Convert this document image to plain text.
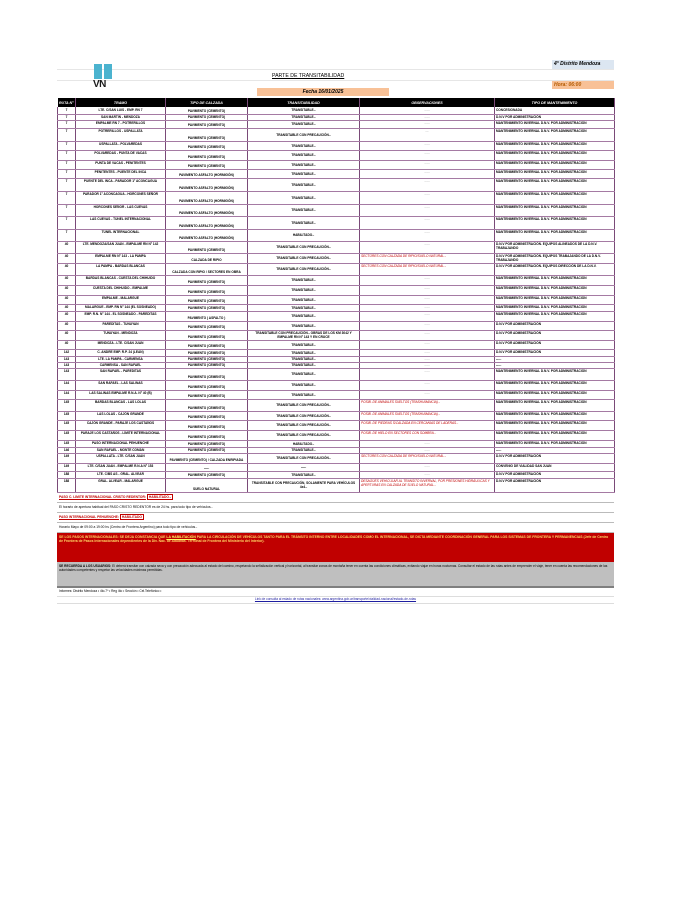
VN
4° Distrito Mendoza
PARTE DE TRANSITABILIDAD
Hora: 06:00
Fecha 16/01/2025
RUTA N°	TRAMO	TIPO DE CALZADA	TRANSITABILIDAD	OBSERVACIONES	TIPO DE MANTENIMIENTO
7	LTE. C/SAN LUIS - EMP. RN 7	PAVIMENTO (CEMENTO)	TRANSITABLE.-	-----	CONCESIONADA
7	SAN MARTIN - MENDOZA	PAVIMENTO (CEMENTO)	TRANSITABLE.-	-----	D.N.V POR ADMINISTRACIÓN
7	EMPALME RN 7 - POTRERILLOS	PAVIMENTO (CEMENTO)	TRANSITABLE.-	-----	MANTENIMIENTO INVERNAL D.N.V. POR ADMINISTRACIÓN
7	POTRERILLOS - USPALLATA	PAVIMENTO (CEMENTO)	TRANSITABLE CON PRECAUCIÓN.-	---	MANTENIMIENTO INVERNAL D.N.V. POR ADMINISTRACIÓN
7	USPALLATA - POLVAREDAS	PAVIMENTO (CEMENTO)	TRANSITABLE.-	-----	MANTENIMIENTO INVERNAL D.N.V. POR ADMINISTRACIÓN
7	POLVAREDAS - PUNTA DE VACAS	PAVIMENTO (CEMENTO)	TRANSITABLE.-	-----	MANTENIMIENTO INVERNAL D.N.V. POR ADMINISTRACIÓN
7	PUNTA DE VACAS - PENITENTES	PAVIMENTO (CEMENTO)	TRANSITABLE.-	-----	MANTENIMIENTO INVERNAL D.N.V. POR ADMINISTRACIÓN
7	PENITENTES - PUENTE DEL INCA	PAVIMENTO ASFALTO (HORMIGÓN)	TRANSITABLE.-	-----	MANTENIMIENTO INVERNAL D.N.V. POR ADMINISTRACIÓN
7	PUENTE DEL INCA - PARADOR 1° ACONCAGUA	PAVIMENTO ASFALTO (HORMIGÓN)	TRANSITABLE.-	-----	MANTENIMIENTO INVERNAL D.N.V. POR ADMINISTRACIÓN
7	PARADOR 1° ACONCAGUA - HORCONES SEÑOR	PAVIMENTO ASFALTO (HORMIGÓN)	TRANSITABLE.-	-----	MANTENIMIENTO INVERNAL D.N.V. POR ADMINISTRACIÓN
7	HORCONES SEÑOR - LAS CUEVAS	PAVIMENTO ASFALTO (HORMIGÓN)	TRANSITABLE.-	-----	MANTENIMIENTO INVERNAL D.N.V. POR ADMINISTRACIÓN
7	LAS CUEVAS - TÚNEL INTERNACIONAL	PAVIMENTO ASFALTO (HORMIGÓN)	TRANSITABLE.-	-----	MANTENIMIENTO INVERNAL D.N.V. POR ADMINISTRACIÓN
7	TÚNEL INTERNACIONAL	PAVIMENTO ASFALTO (HORMIGÓN)	HABILITADO.-	-----	MANTENIMIENTO INVERNAL D.N.V. POR ADMINISTRACIÓN
40	LTE. MENDOZA/SAN JUAN - EMPALME RN N° 142	PAVIMENTO (CEMENTO)	TRANSITABLE CON PRECAUCIÓN.-	-----	D.N.V POR ADMINISTRACIÓN. EQUIPOS ALINEADOS DE LA D.N.V. TRABAJANDO
40	EMPALME RN N° 143 - LA PAMPA	CALZADA DE RIPIO	TRANSITABLE CON PRECAUCIÓN.-	SECTORES CON CALZADA DE RIPIO/SUELO NATURAL.-	D.N.V POR ADMINISTRACIÓN. EQUIPOS TRABAJANDO DE LA D.N.V. TRABAJANDO
40	LA PAMPA - BARDAS BLANCAS	CALZADA CON RIPIO / SECTORES EN OBRA	TRANSITABLE CON PRECAUCIÓN.-	SECTORES CON CALZADA DE RIPIO/SUELO NATURAL.-	D.N.V POR ADMINISTRACIÓN. EQUIPOS DIRECCIÓN DE LA D.N.V.
40	BARDAS BLANCAS - CUESTA DEL CHIHUIDO	PAVIMENTO (CEMENTO)	TRANSITABLE.-	-----	MANTENIMIENTO INVERNAL D.N.V. POR ADMINISTRACIÓN
40	CUESTA DEL CHIHUIDO - EMPALME	PAVIMENTO (CEMENTO)	TRANSITABLE.-	-----	MANTENIMIENTO INVERNAL D.N.V. POR ADMINISTRACIÓN
40	EMPALME - MALARGÜE	PAVIMENTO (CEMENTO)	TRANSITABLE.-	-----	MANTENIMIENTO INVERNAL D.N.V. POR ADMINISTRACIÓN
40	MALARGÜE - EMP. RN N° 144 (EL SOSNEADO)	PAVIMENTO (CEMENTO)	TRANSITABLE.-	-----	MANTENIMIENTO INVERNAL D.N.V. POR ADMINISTRACIÓN
40	EMP. R.N. N° 144 - EL SOSNEADO - PAREDITAS	PAVIMENTO ( ASFALTO )	TRANSITABLE.-	-----	MANTENIMIENTO INVERNAL D.N.V. POR ADMINISTRACIÓN
40	PAREDITAS - TUNUYAN	PAVIMENTO (CEMENTO)	TRANSITABLE.-	-----	D.N.V POR ADMINISTRACIÓN
40	TUNUYAN - MENDOZA	PAVIMENTO (CEMENTO)	TRANSITABLE CON PRECAUCIÓN.- OBRAS DE LOS KM 3042 Y EMPALME RN N° 143 Y EN CRUCE	-----	D.N.V POR ADMINISTRACIÓN
40	MENDOZA - LTE. C/SAN JUAN	PAVIMENTO (CEMENTO)	TRANSITABLE.-	-----	D.N.V POR ADMINISTRACIÓN
142	C. ANDRE EMP. R.P. 24 (LEAN)	PAVIMENTO (CEMENTO)	TRANSITABLE.-	-----	D.N.V POR ADMINISTRACIÓN
143	LTE. LA PAMPA - CARMENSA	PAVIMENTO (CEMENTO)	TRANSITABLE.-	-----	-----
143	CARMENSA - SAN RAFAEL	PAVIMENTO (CEMENTO)	TRANSITABLE.-	-----	-----
143	SAN RAFAEL - PAREDITAS	PAVIMENTO (CEMENTO)	TRANSITABLE.-	-----	MANTENIMIENTO INVERNAL D.N.V. POR ADMINISTRACIÓN
144	SAN RAFAEL - LAS SALINAS	PAVIMENTO (CEMENTO)	TRANSITABLE.-	-----	MANTENIMIENTO INVERNAL D.N.V. POR ADMINISTRACIÓN
144	LAS SALINAS EMPALME R.N.A. N° 40 (B)	PAVIMENTO (CEMENTO)	TRANSITABLE.-	-----	MANTENIMIENTO INVERNAL D.N.V. POR ADMINISTRACIÓN
145	BARDAS BLANCAS - LAS LOLAS	PAVIMENTO (CEMENTO)	TRANSITABLE CON PRECAUCIÓN.-	POSIB. DE ANIMALES SUELTOS (TRASHUMANCIA).-	MANTENIMIENTO INVERNAL D.N.V. POR ADMINISTRACIÓN
145	LAS LOLAS - CAJÓN GRANDE	PAVIMENTO (CEMENTO)	TRANSITABLE CON PRECAUCIÓN.-	POSIB. DE ANIMALES SUELTOS (TRASHUMANCIA).-	MANTENIMIENTO INVERNAL D.N.V. POR ADMINISTRACIÓN
145	CAJÓN GRANDE - PARAJE LOS CASTAÑOS	PAVIMENTO (CEMENTO)	TRANSITABLE CON PRECAUCIÓN.-	POSIB. DE PIEDRAS S/CALZADA EN CERCANÍAS DE LADERAS.-	MANTENIMIENTO INVERNAL D.N.V. POR ADMINISTRACIÓN
145	PARAJE LOS CASTAÑOS - LÍMITE INTERNACIONAL	PAVIMENTO (CEMENTO)	TRANSITABLE CON PRECAUCIÓN.-	POSIB. DE HIELO EN SECTORES CON SOMBRA.-	MANTENIMIENTO INVERNAL D.N.V. POR ADMINISTRACIÓN
145	PASO INTERNACIONAL PEHUENCHE	PAVIMENTO (CEMENTO)	HABILITADO.-	-----	MANTENIMIENTO INVERNAL D.N.V. POR ADMINISTRACIÓN
146	SAN RAFAEL - MONTE COMÁN	PAVIMENTO (CEMENTO)	TRANSITABLE.-	-----	-----
149	USPALLATA - LTE. C/SAN JUAN	PAVIMENTO (CEMENTO) / CALZADA ENRIPIADA	TRANSITABLE CON PRECAUCIÓN.-	SECTORES CON CALZADA DE RIPIO/SUELO NATURAL.-	D.N.V POR ADMINISTRACIÓN
149	LTE. C/SAN JUAN - EMPALME R.N.A N° 153	-----	-----	-----	CONVENIO DE VIALIDAD SAN JUAN
188	LTE. C/BS AS - GRAL. ALVEAR	PAVIMENTO (CEMENTO)	TRANSITABLE.-	-----	D.N.V POR ADMINISTRACIÓN
188	GRAL. ALVEAR - MALARGÜE	SUELO NATURAL	TRANSITABLE CON PRECAUCIÓN, SOLAMENTE PARA VEHÍCULOS 4x4.-	DESAGÜES VEHICULAR AL TRANSITO INVERNAL, POR PRESIONES HIDRÁULICAS Y APERTURAS EN CALZADA DE SUELO NATURAL.-	D.N.V POR ADMINISTRACIÓN
PASO C. LIMITE INTERNACIONAL CRISTO REDENTOR: HABILITADO.-
El horario de apertura habitual del PASO CRISTO REDENTOR es de 24 hs. para todo tipo de vehículos.-
PASO INTERNACIONAL PEHUENCHE: HABILITADO
Horario Mayo de 09:00 a 19:00 hs (Centro de Frontera Argentino) para todo tipo de vehículos.-
SE LOS PASOS INTERNACIONALES: SE DEJA CONSTANCIA QUE LA HABILITACIÓN PARA LA CIRCULACIÓN DE VEHÍCULOS TANTO PARA EL TRÁNSITO INTERNO ENTRE LOCALIDADES COMO EL INTERNACIONAL, SE DICTA MEDIANTE COORDINACIÓN GENERAL PARA LOS SISTEMAS DE FRONTERA Y PERMANENCIAS (Jefe de Centro de Frontera de Pasos Internacionales dependientes de la Div. Nac. de Aduanas. Terminal de Frontera del Ministerio del Interior).
SE RECUERDA A LOS USUARIOS: El deberá transitar con calzada seca y con precaución adecuada al estado del camino, respetando la señalización vertical y horizontal, al transitar zonas de montaña tener en cuenta las condiciones climáticas, evitando viajar en horas nocturnas. Consultar el estado de las rutas antes de emprender el viaje, tener en cuenta las recomendaciones de las autoridades competentes y respetar las velocidades máximas permitidas.
Informes: Distrito Mendoza • 4to.7º • Reg 4to • Sección • Cel.Telefónico •
Link de consulta al estado de rutas nacionales: www.argentina.gob.ar/transporte/vialidad-nacional/estado-de-rutas
